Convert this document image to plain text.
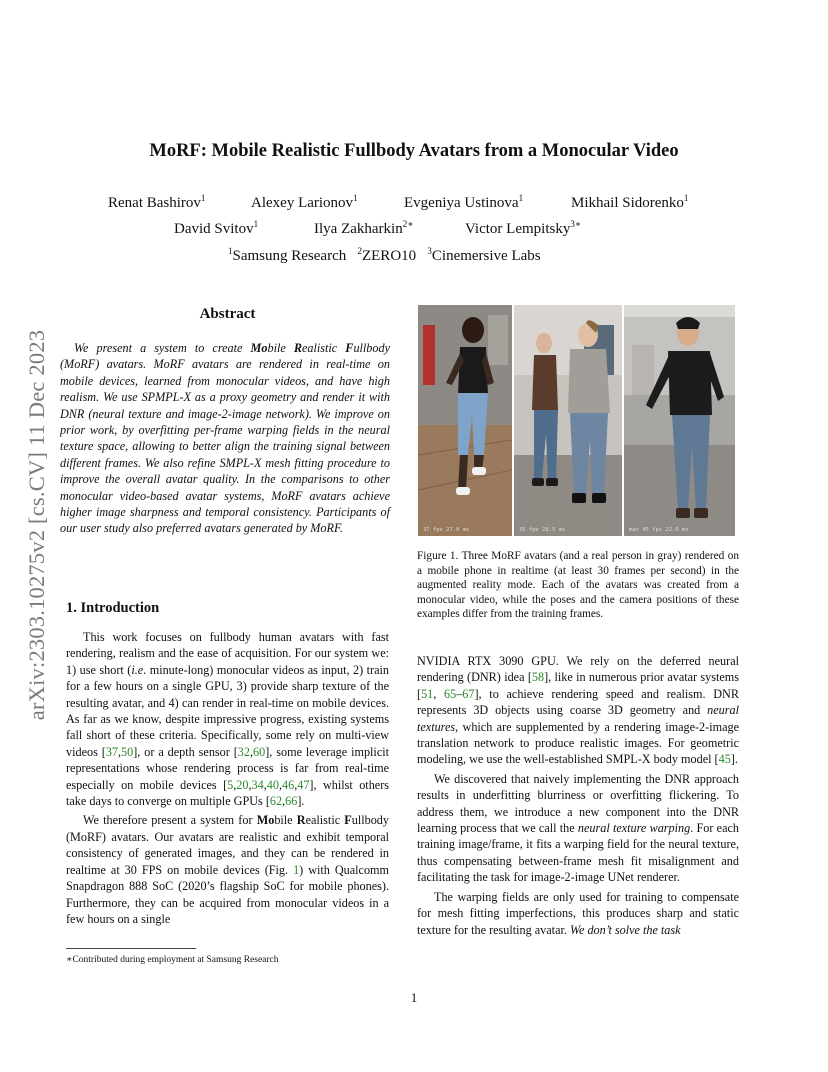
arXiv:2303.10275v2 [cs.CV] 11 Dec 2023
MoRF: Mobile Realistic Fullbody Avatars from a Monocular Video
Renat Bashirov$^1$	Alexey Larionov$^1$	Evgeniya Ustinova$^1$	Mikhail Sidorenko$^1$
David Svitov$^1$	Ilya Zakharkin$^{2∗}$	Victor Lempitsky$^{3∗}$
$^1$Samsung Research $^2$ZERO10 $^3$Cinemersive Labs
Abstract

We present a system to create Mobile Realistic Fullbody (MoRF) avatars. MoRF avatars are rendered in real-time on mobile devices, learned from monocular videos, and have high realism. We use SPMPL-X as a proxy geometry and render it with DNR (neural texture and image-2-image network). We improve on prior work, by overfitting per-frame warping fields in the neural texture space, allowing to better align the training signal between different frames. We also refine SMPL-X mesh fitting procedure to improve the overall avatar quality. In the comparisons to other monocular video-based avatar systems, MoRF avatars achieve higher image sharpness and temporal consistency. Participants of our user study also preferred avatars generated by MoRF.

1. Introduction

This work focuses on fullbody human avatars with fast rendering, realism and the ease of acquisition. For our system we: 1) use short (i.e. minute-long) monocular videos as input, 2) train for a few hours on a single GPU, 3) provide sharp texture of the resulting avatar, and 4) can render in real-time on mobile devices. As far as we know, despite impressive progress, existing systems fall short of these criteria. Specifically, some rely on multi-view videos [37,50], or a depth sensor [32,60], some leverage implicit representations whose rendering process is far from real-time especially on mobile devices [5,20,34,40,46,47], whilst others take days to converge on multiple GPUs [62,66].

We therefore present a system for Mobile Realistic Fullbody (MoRF) avatars. Our avatars are realistic and exhibit temporal consistency of generated images, and they can be rendered in realtime at 30 FPS on mobile devices (Fig. 1) with Qualcomm Snapdragon 888 SoC (2020’s flagship SoC for mobile phones). Furthermore, they can be acquired from monocular videos in a few hours on a single

∗Contributed during employment at Samsung Research
37 fps 27.0 ms	35 fps 28.5 ms	max 45 fps 22.0 ms
Figure 1. Three MoRF avatars (and a real person in gray) rendered on a mobile phone in realtime (at least 30 frames per second) in the augmented reality mode. Each of the avatars was created from a monocular video, while the poses and the camera positions of these examples differ from the training frames.

NVIDIA RTX 3090 GPU. We rely on the deferred neural rendering (DNR) idea [58], like in numerous prior avatar systems [51, 65–67], to achieve rendering speed and realism. DNR represents 3D objects using coarse 3D geometry and neural textures, which are supplemented by a rendering image-2-image translation network to produce realistic images. For geometric modeling, we use the well-established SMPL-X body model [45].

We discovered that naively implementing the DNR approach results in underfitting blurriness or overfitting flickering. To address them, we introduce a new component into the DNR learning process that we call the neural texture warping. For each training image/frame, it fits a warping field for the neural texture, thus compensating between-frame mesh fit misalignment and facilitating the task for image-2-image UNet renderer.

The warping fields are only used for training to compensate for mesh fitting imperfections, this produces sharp and static texture for the resulting avatar. We don’t solve the task

1
